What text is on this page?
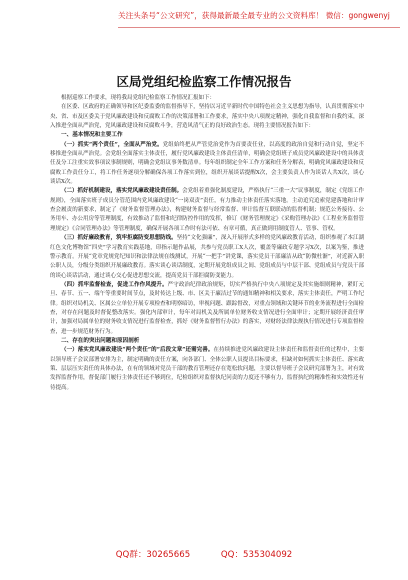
关注头条号“公文研究”，获得最新最全最专业的公文资料库！ 微信：gongwenyj
区局党组纪检监察工作情况报告

根据巡察工作要求，现将我局党组纪检监察工作情况汇报如下：

在区委、区政府的正确领导和区纪委监委的监督指导下，坚持以习近平新时代中国特色社会主义思想为指导，认真贯彻落实中央、省、市及区委关于党风廉政建设和反腐败工作的决策部署和工作要求，落实中央八项规定精神，强化自我监督和自我约束，深入推进全面从严治党，党风廉政建设和反腐败斗争，营造风清气正的良好政治生态。现将主要情况报告如下：

一、基本情况和主要工作

（一）抓实“两个责任”，全面从严治党。党组始终把从严管党治党作为首要责任业，以高度的政治自觉和行动自觉，坚定不移推进全面从严治党。会党组全面落实主体责任，履行党风廉政建设主体责任清单，明确会党组班子成员党风廉政建设中的具体责任及分工注重实效事项议事制规则，明确会党组议事务数清单。每年组织制定全年工作方案和任务分解表，明确党风廉政建设和反腐败工作责任分工，将工作任务逐项分解确保各项工作落实到位，组织开展谈话提醒X次，会主要负责人作为谈话人共X次，谈心谈话X次。

（二）抓好机制建设，落实党风廉政建设责任制。会党组着重强化制度建设，严格执行“三重一大”议事制度，制定《党组工作规则》，全面落实班子成员分管范围内党风廉政建设“一岗双责”责任，有力推动主体责任落实落地。主动追究追索党建落地和计审查会履责的新要求，制定了《财务监督管理办法》，构建财务监督与经常监督、审计监督互联联动的监督机制；规范公务接待、公务用车、办公用房等管理制度，有效推动了监督和纪律防控作用的发挥，修订《财务管理规定》《采购管理办法》《工程业务监督管理规定》《合同管理办法》等管理制度，确保开展各项工作时有法可依、有章可循，真正做到用制度管人、管事、管权。

（三）抓好廉政教育，筑牢拒腐防变思想防线。坚持“文化强廉”，深入开展形式多样的党风廉政教育活动，组织参观了本江湖红色文化博物馆“四史”学习教育实践基地，印指示题作品展，共参与党员职工X人次，覆盖等廉政专题学习X次，以案为鉴，推进警示教育。开展“党章党规党纪知识和法律法规在线测试，开展“一把手”讲党课，落实党员干部廉洁从政“防微杜渐”，对近新入职公职人员，分级分类组织开展廉政教育。落实谈心谈话制度，定期开展党组成员之间、党组成员与中层干部、党组成员与党员干部的谈心谈话活动，通过谈心交心促进思想交流，提高党员干部拒腐防变能力。

（四）抓牢监督检查，促进工作作风提升。严守政治纪律政治规矩，切实严格执行中央八项规定及其实施细则精神，紧盯元旦、春节、五一、端午等重要时间节点，及时传达上级、市、区关于廉洁过节的通知精神和相关要求，落实主体责任，严明工作纪律。组织对局机关、区属公立单位开展专项检查和明察暗访，审视问题、跟踪督改，对重点领域和关键环节的业务流程进行全面检查，对存在问题及时督促整改落实。强化内部审计，每年对局机关及所属单位财务收支情况进行全面审计；定期开展经济责任审计，加强对局属单位的财务收支情况进行监督检查，抓好《财务监督暂行办法》的落实，对财经法律法规执行情况进行专项监督检查，进一步规范财务行为。

二、存在的突出问题和原因剖析

（一）落实党风廉政建设“两个责任”的“后段文章”还需完善。在持续推进党风廉政建设主体责任和监督责任的过程中，主要以领导班子会议部署安排为主，制定明确的责任方案，向各部门、全体公职人员提出目标要求，但缺对如何抓实主体责任、落实政策、层层压实责任的具体办法，在有的领域对党员干部的教育管理还存在宽松软问题，主要以督导班子会议研究部署为主，对有效发挥监督作用，督促部门履行主体责任还不够到位，纪检组织对监督执纪问责的力度还不够有力，监督执纪的精准性和实效性还有待提高。

QQ群：30265665	QQ：535304092
